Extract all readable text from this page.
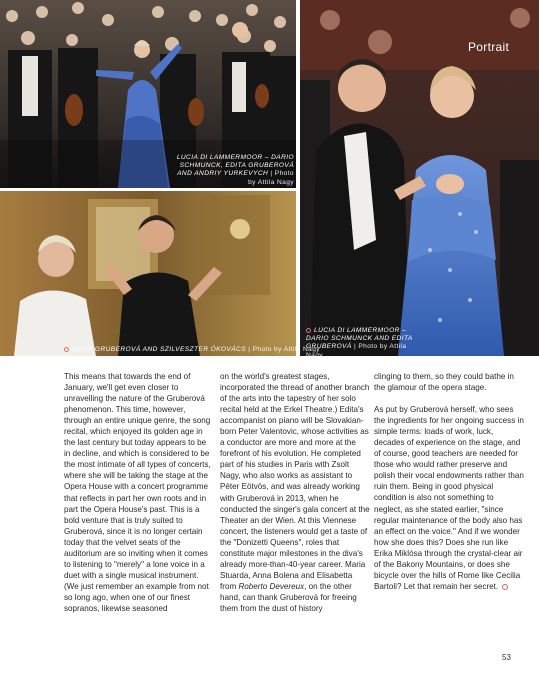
LUCIA DI LAMMERMOOR – DARIO SCHMUNCK, EDITA GRUBEROVÁ AND ANDRIY YURKEVYCH | Photo by Attila Nagy
Portrait
LUCIA DI LAMMERMOOR – DARIO SCHMUNCK AND EDITA GRUBEROVÁ | Photo by Attila Nagy
EDITA GRUBEROVÁ AND SZILVESZTER ÓKOVÁCS | Photo by Attila Nagy

This means that towards the end of January, we'll get even closer to unravelling the nature of the Gruberová phenomenon. This time, however, through an entire unique genre, the song recital, which enjoyed its golden age in the last century but today appears to be in decline, and which is considered to be the most intimate of all types of concerts, where she will be taking the stage at the Opera House with a concert programme that reflects in part her own roots and in part the Opera House's past. This is a bold venture that is truly suited to Gruberová, since it is no longer certain today that the velvet seats of the auditorium are so inviting when it comes to listening to "merely" a lone voice in a duet with a single musical instrument. (We just remember an example from not so long ago, when one of our finest sopranos, likewise seasoned

on the world's greatest stages, incorporated the thread of another branch of the arts into the tapestry of her solo recital held at the Erkel Theatre.) Edita's accompanist on piano will be Slovakian-born Peter Valentovic, whose activities as a conductor are more and more at the forefront of his evolution. He completed part of his studies in Paris with Zsolt Nagy, who also works as assistant to Péter Eötvös, and was already working with Gruberová in 2013, when he conducted the singer's gala concert at the Theater an der Wien. At this Viennese concert, the listeners would get a taste of the "Donizetti Queens", roles that constitute major milestones in the diva's already more-than-40-year career. Maria Stuarda, Anna Bolena and Elisabetta from Roberto Devereux, on the other hand, can thank Gruberová for freeing them from the dust of history

clinging to them, so they could bathe in the glamour of the opera stage.

As put by Gruberová herself, who sees the ingredients for her ongoing success in simple terms: loads of work, luck, decades of experience on the stage, and of course, good teachers are needed for those who would rather preserve and polish their vocal endowments rather than ruin them. Being in good physical condition is also not something to neglect, as she stated earlier, "since regular maintenance of the body also has an effect on the voice." And if we wonder how she does this? Does she run like Erika Miklósa through the crystal-clear air of the Bakony Mountains, or does she bicycle over the hills of Rome like Cecilia Bartoli? Let that remain her secret.

53
